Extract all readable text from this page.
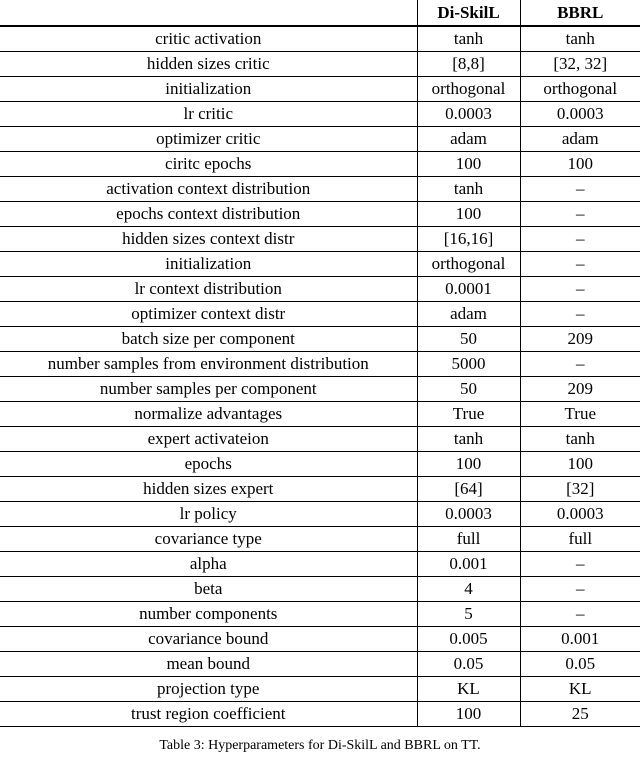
	Di-SkilL	BBRL
critic activation	tanh	tanh
hidden sizes critic	[8,8]	[32, 32]
initialization	orthogonal	orthogonal
lr critic	0.0003	0.0003
optimizer critic	adam	adam
ciritc epochs	100	100
activation context distribution	tanh	–
epochs context distribution	100	–
hidden sizes context distr	[16,16]	–
initialization	orthogonal	–
lr context distribution	0.0001	–
optimizer context distr	adam	–
batch size per component	50	209
number samples from environment distribution	5000	–
number samples per component	50	209
normalize advantages	True	True
expert activateion	tanh	tanh
epochs	100	100
hidden sizes expert	[64]	[32]
lr policy	0.0003	0.0003
covariance type	full	full
alpha	0.001	–
beta	4	–
number components	5	–
covariance bound	0.005	0.001
mean bound	0.05	0.05
projection type	KL	KL
trust region coefficient	100	25
Table 3: Hyperparameters for Di-SkilL and BBRL on TT.
